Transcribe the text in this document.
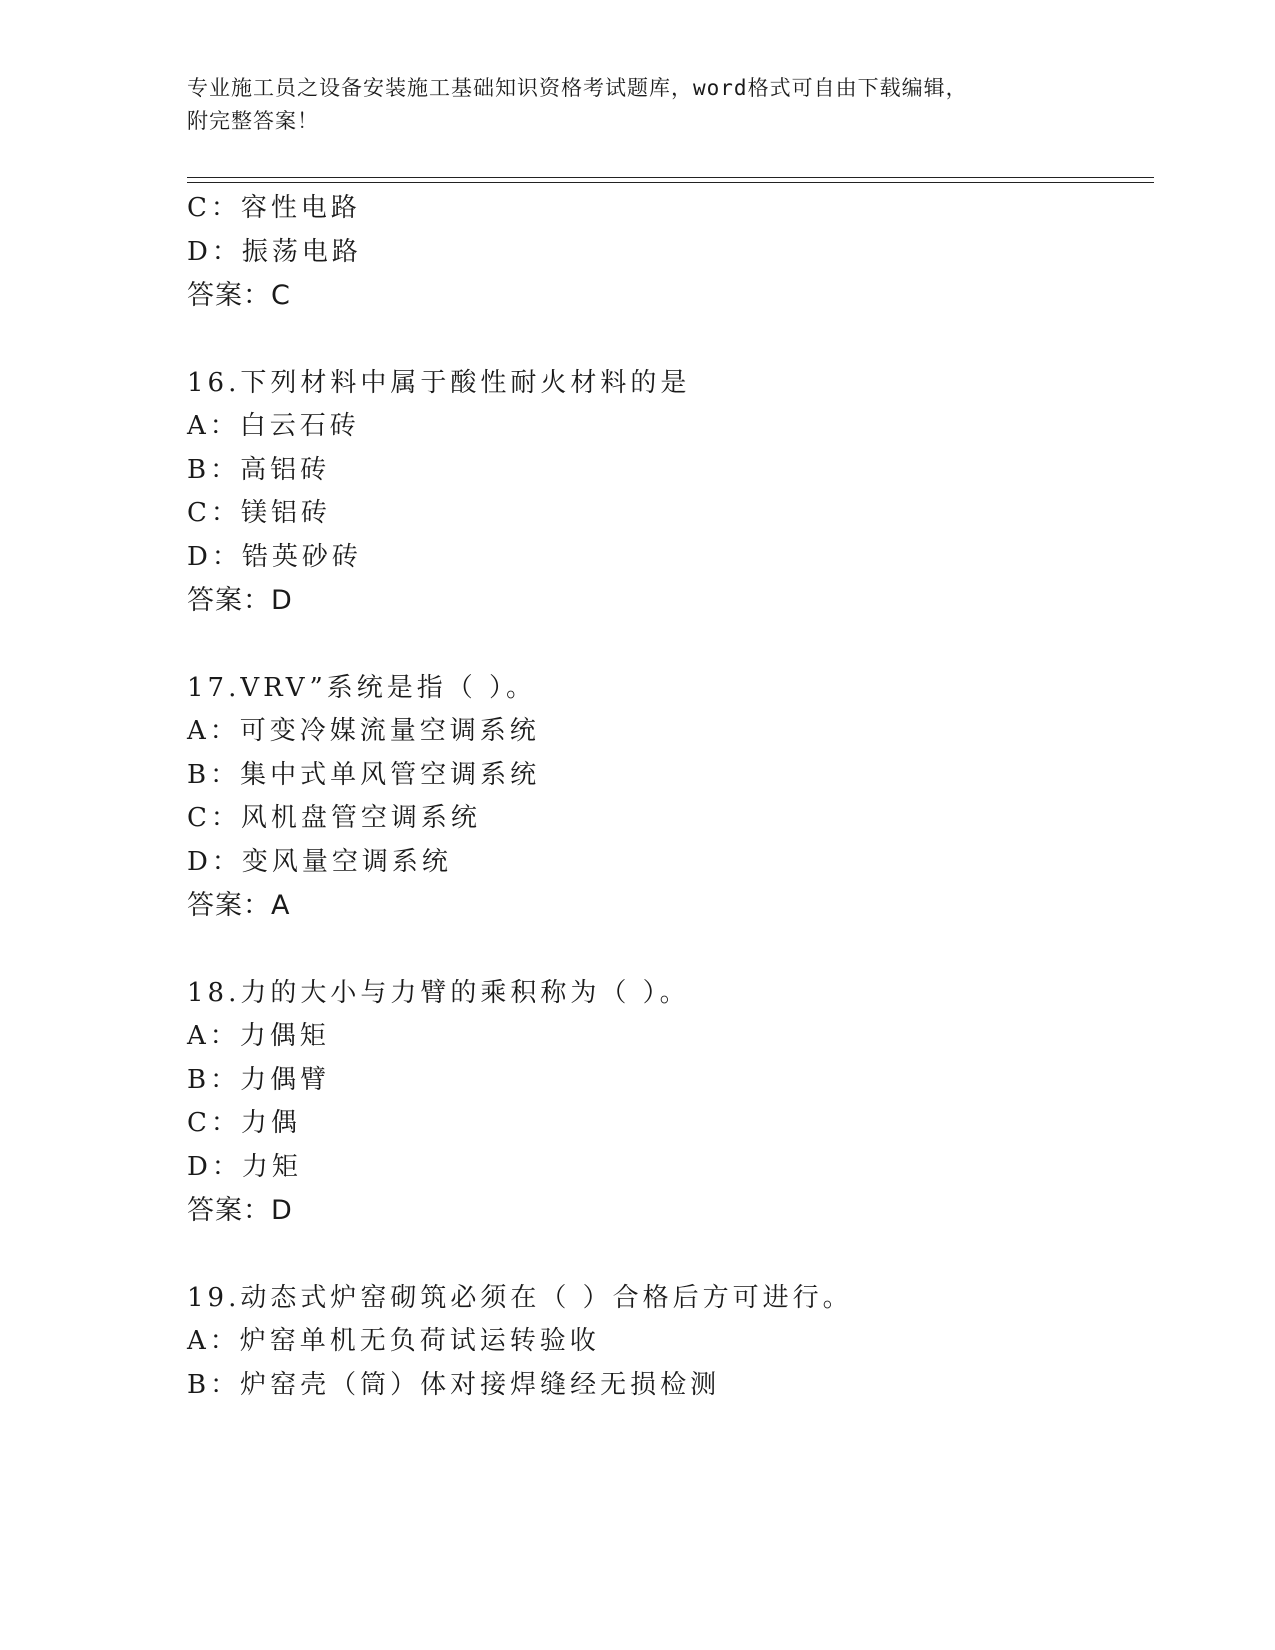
专业施工员之设备安装施工基础知识资格考试题库，word格式可自由下载编辑，
附完整答案！
C：容性电路
D：振荡电路
答案：C
16.下列材料中属于酸性耐火材料的是
A：白云石砖
B：高铝砖
C：镁铝砖
D：锆英砂砖
答案：D
17.VRV”系统是指（ ）。
A：可变冷媒流量空调系统
B：集中式单风管空调系统
C：风机盘管空调系统
D：变风量空调系统
答案：A
18.力的大小与力臂的乘积称为（ ）。
A：力偶矩
B：力偶臂
C：力偶
D：力矩
答案：D
19.动态式炉窑砌筑必须在（ ）合格后方可进行。
A：炉窑单机无负荷试运转验收
B：炉窑壳（筒）体对接焊缝经无损检测
